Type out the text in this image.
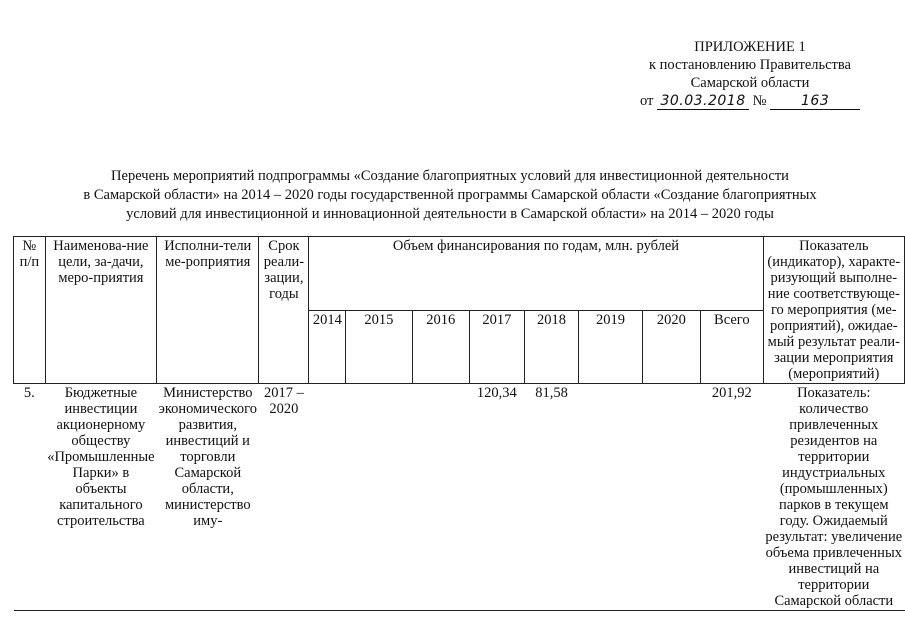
ПРИЛОЖЕНИЕ 1
к постановлению Правительства
Самарской области
от 30.03.2018 № 163
Перечень мероприятий подпрограммы «Создание благоприятных условий для инвестиционной деятельности
в Самарской области» на 2014 – 2020 годы государственной программы Самарской области «Создание благоприятных
условий для инвестиционной и инновационной деятельности в Самарской области» на 2014 – 2020 годы
№ п/п	Наименова-ние цели, за-дачи, меро-приятия	Исполни-тели ме-роприятия	Срок реали-зации, годы	Объем финансирования по годам, млн. рублей								Показатель (индикатор), характе-ризующий выполне-ние соответствующе-го мероприятия (ме-роприятий), ожидае-мый результат реали-зации мероприятия (мероприятий)
				2014	2015	2016	2017	2018	2019	2020	Всего	
5.	Бюджетные инвестиции акционерному обществу «Промышленные Парки» в объекты капитального строительства	Министерство экономического развития, инвестиций и торговли Самарской области, министерство иму-	2017 – 2020				120,34	81,58			201,92	Показатель: количество привлеченных резидентов на территории индустриальных (промышленных) парков в текущем году. Ожидаемый результат: увеличение объема привлеченных инвестиций на территории Самарской области
